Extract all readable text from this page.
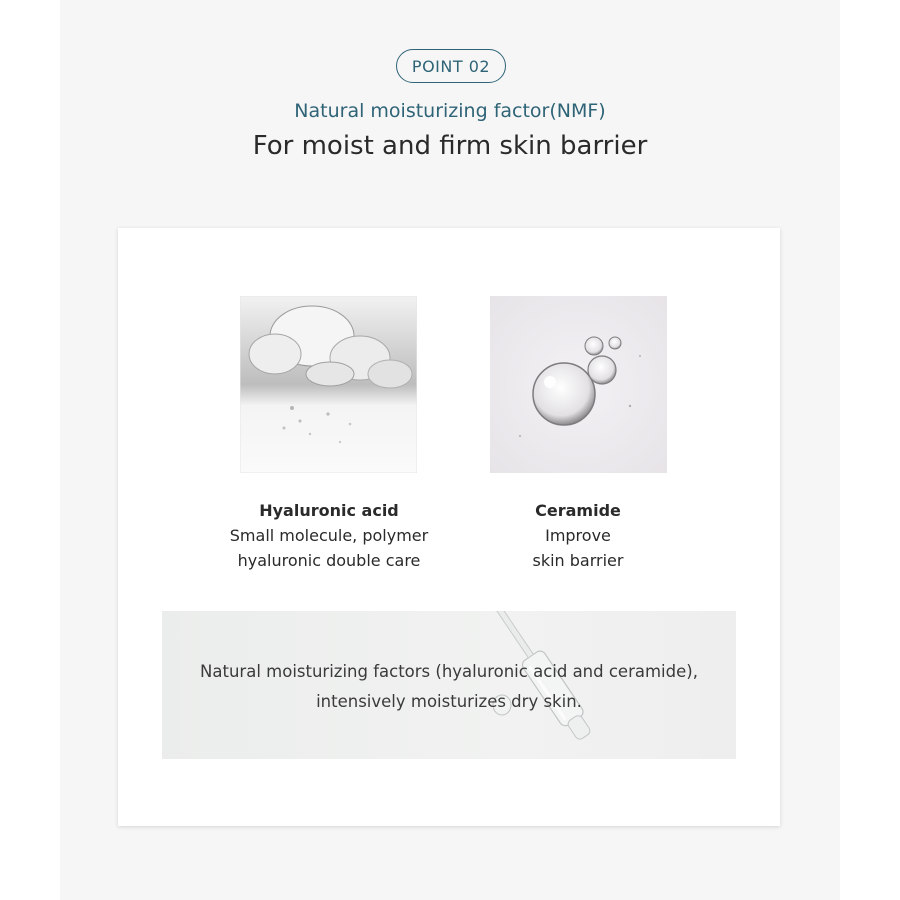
POINT 02
Natural moisturizing factor(NMF)
For moist and firm skin barrier
Hyaluronic acid
Small molecule, polymer
hyaluronic double care
Ceramide
Improve
skin barrier
Natural moisturizing factors (hyaluronic acid and ceramide),
intensively moisturizes dry skin.
